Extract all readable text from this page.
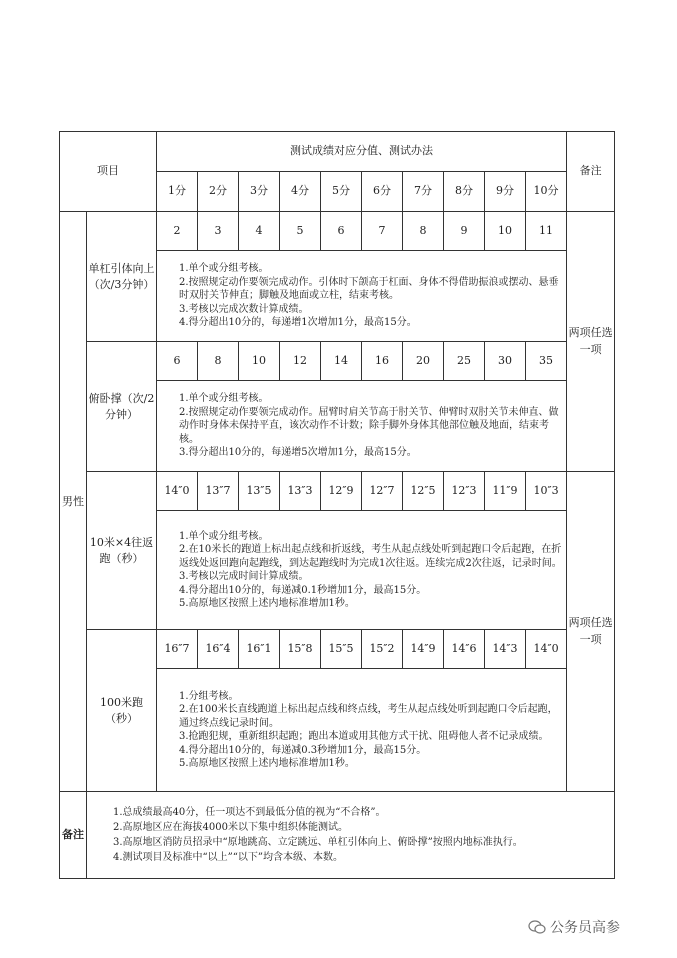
项目		测试成绩对应分值、测试办法										备注
		1分	2分	3分	4分	5分	6分	7分	8分	9分	10分	
男性	单杠引体向上（次/3分钟）	2	3	4	5	6	7	8	9	10	11	两项任选一项

		1.单个或分组考核。
2.按照规定动作要领完成动作。引体时下颌高于杠面、身体不得借助振浪或摆动、悬垂时双肘关节伸直；脚触及地面或立柱，结束考核。
3.考核以完成次数计算成绩。
4.得分超出10分的，每递增1次增加1分，最高15分。										

	俯卧撑（次/2分钟）	6	8	10	12	14	16	20	25	30	35	

		1.单个或分组考核。
2.按照规定动作要领完成动作。屈臂时肩关节高于肘关节、伸臂时双肘关节未伸直、做动作时身体未保持平直，该次动作不计数；除手脚外身体其他部位触及地面，结束考核。
3.得分超出10分的，每递增5次增加1分，最高15分。										

	10米×4往返跑（秒）	14″0	13″7	13″5	13″3	12″9	12″7	12″5	12″3	11″9	10″3	两项任选一项

		1.单个或分组考核。
2.在10米长的跑道上标出起点线和折返线，考生从起点线处听到起跑口令后起跑，在折返线处返回跑向起跑线，到达起跑线时为完成1次往返。连续完成2次往返，记录时间。
3.考核以完成时间计算成绩。
4.得分超出10分的，每递减0.1秒增加1分，最高15分。
5.高原地区按照上述内地标准增加1秒。										

	100米跑（秒）	16″7	16″4	16″1	15″8	15″5	15″2	14″9	14″6	14″3	14″0	

		1.分组考核。
2.在100米长直线跑道上标出起点线和终点线，考生从起点线处听到起跑口令后起跑，通过终点线记录时间。
3.抢跑犯规，重新组织起跑；跑出本道或用其他方式干扰、阻碍他人者不记录成绩。
4.得分超出10分的，每递减0.3秒增加1分，最高15分。
5.高原地区按照上述内地标准增加1秒。										

备注	1.总成绩最高40分，任一项达不到最低分值的视为“不合格”。
2.高原地区应在海拔4000米以下集中组织体能测试。
3.高原地区消防员招录中“原地跳高、立定跳远、单杠引体向上、俯卧撑”按照内地标准执行。
4.测试项目及标准中“以上”“以下”均含本级、本数。											
公务员高参
